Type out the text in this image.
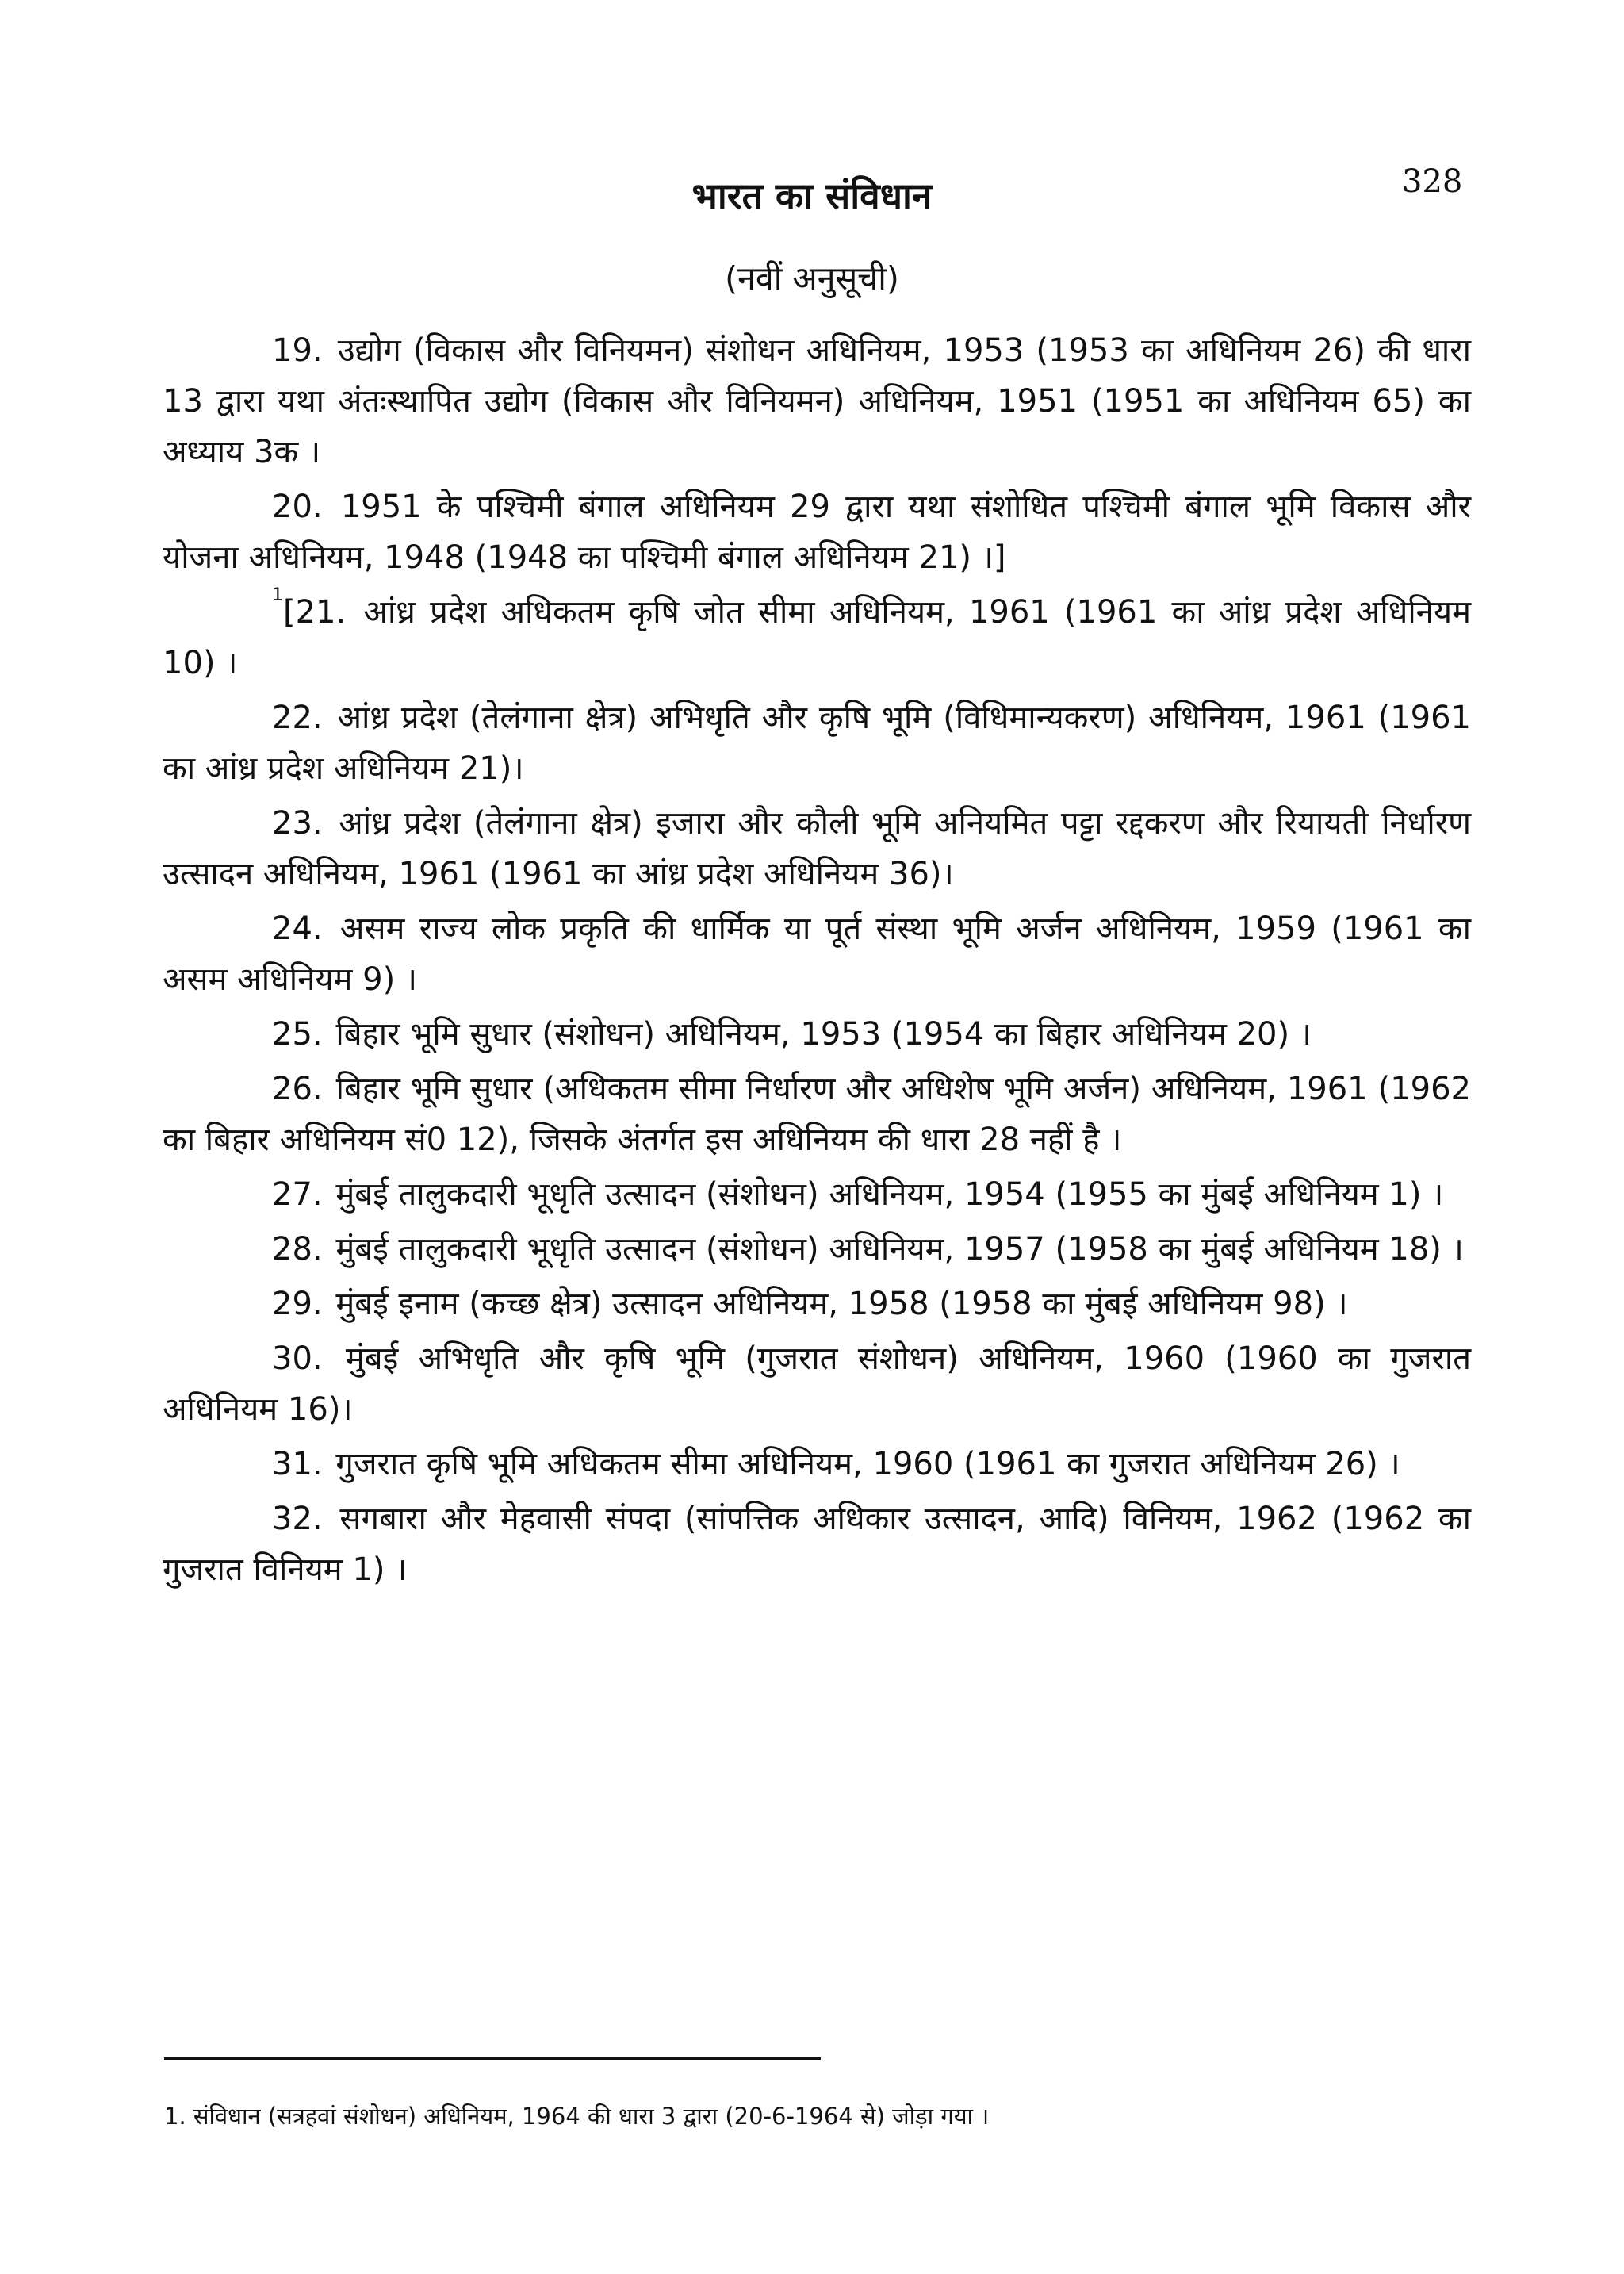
328
भारत का संविधान
(नवीं अनुसूची)

19. उद्योग (विकास और विनियमन) संशोधन अधिनियम, 1953 (1953 का अधिनियम 26) की धारा 13 द्वारा यथा अंतःस्थापित उद्योग (विकास और विनियमन) अधिनियम, 1951 (1951 का अधिनियम 65) का अध्याय 3क ।

20. 1951 के पश्चिमी बंगाल अधिनियम 29 द्वारा यथा संशोधित पश्चिमी बंगाल भूमि विकास और योजना अधिनियम, 1948 (1948 का पश्चिमी बंगाल अधिनियम 21) ।]

$^1$[21. आंध्र प्रदेश अधिकतम कृषि जोत सीमा अधिनियम, 1961 (1961 का आंध्र प्रदेश अधिनियम 10) ।

22. आंध्र प्रदेश (तेलंगाना क्षेत्र) अभिधृति और कृषि भूमि (विधिमान्यकरण) अधिनियम, 1961 (1961 का आंध्र प्रदेश अधिनियम 21)।

23. आंध्र प्रदेश (तेलंगाना क्षेत्र) इजारा और कौली भूमि अनियमित पट्टा रद्दकरण और रियायती निर्धारण उत्सादन अधिनियम, 1961 (1961 का आंध्र प्रदेश अधिनियम 36)।

24. असम राज्य लोक प्रकृति की धार्मिक या पूर्त संस्था भूमि अर्जन अधिनियम, 1959 (1961 का असम अधिनियम 9) ।

25. बिहार भूमि सुधार (संशोधन) अधिनियम, 1953 (1954 का बिहार अधिनियम 20) ।

26. बिहार भूमि सुधार (अधिकतम सीमा निर्धारण और अधिशेष भूमि अर्जन) अधिनियम, 1961 (1962 का बिहार अधिनियम सं0 12), जिसके अंतर्गत इस अधिनियम की धारा 28 नहीं है ।

27. मुंबई तालुकदारी भूधृति उत्सादन (संशोधन) अधिनियम, 1954 (1955 का मुंबई अधिनियम 1) ।

28. मुंबई तालुकदारी भूधृति उत्सादन (संशोधन) अधिनियम, 1957 (1958 का मुंबई अधिनियम 18) ।

29. मुंबई इनाम (कच्छ क्षेत्र) उत्सादन अधिनियम, 1958 (1958 का मुंबई अधिनियम 98) ।

30. मुंबई अभिधृति और कृषि भूमि (गुजरात संशोधन) अधिनियम, 1960 (1960 का गुजरात अधिनियम 16)।

31. गुजरात कृषि भूमि अधिकतम सीमा अधिनियम, 1960 (1961 का गुजरात अधिनियम 26) ।

32. सगबारा और मेहवासी संपदा (सांपत्तिक अधिकार उत्सादन, आदि) विनियम, 1962 (1962 का गुजरात विनियम 1) ।

1. संविधान (सत्रहवां संशोधन) अधिनियम, 1964 की धारा 3 द्वारा (20-6-1964 से) जोड़ा गया ।
